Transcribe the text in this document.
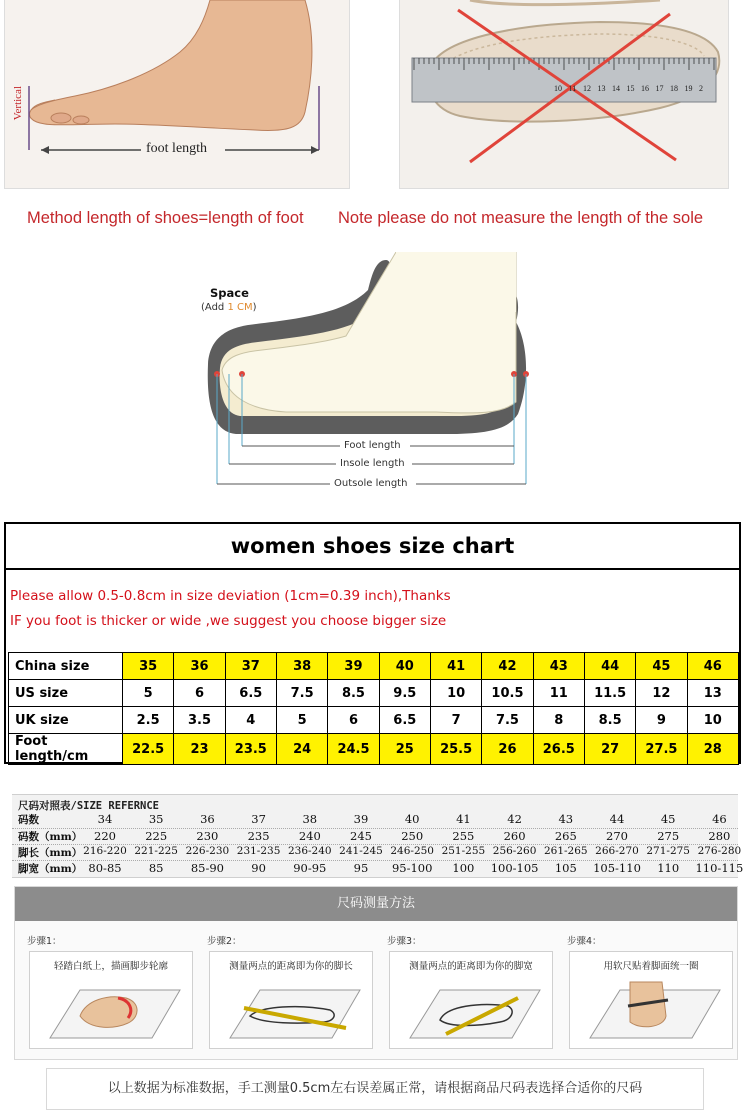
Vertical
foot length
10 11 12 13 14 15 16 17 18 19 2
Method length of shoes=length of foot Note please do not measure the length of the sole
Space
(Add 1 CM)
Foot length
Insole length
Outsole length
women shoes size chart
Please allow 0.5-0.8cm in size deviation (1cm=0.39 inch),Thanks
IF you foot is thicker or wide ,we suggest you choose bigger size
China size	35	36	37	38	39	40	41	42	43	44	45	46
US size	5	6	6.5	7.5	8.5	9.5	10	10.5	11	11.5	12	13
UK size	2.5	3.5	4	5	6	6.5	7	7.5	8	8.5	9	10
Foot length/cm	22.5	23	23.5	24	24.5	25	25.5	26	26.5	27	27.5	28
尺码对照表/SIZE REFERNCE
码数	34	35	36	37	38	39	40	41	42	43	44	45	46
码数（mm）	220	225	230	235	240	245	250	255	260	265	270	275	280
脚长（mm） 216-220 221-225 226-230 231-235 236-240 241-245 246-250 251-255 256-260 261-265 266-270 271-275 276-280
脚宽（mm） 80-85	85	85-90	90	90-95	95	95-100	100	100-105	105	105-110	110	110-115
尺码测量方法
步骤1：
轻踏白纸上，描画脚步轮廓
步骤2：
测量两点的距离即为你的脚长
步骤3：
测量两点的距离即为你的脚宽
步骤4：
用软尺贴着脚面统一圈
以上数据为标准数据，手工测量0.5cm左右误差属正常，请根据商品尺码表选择合适你的尺码
